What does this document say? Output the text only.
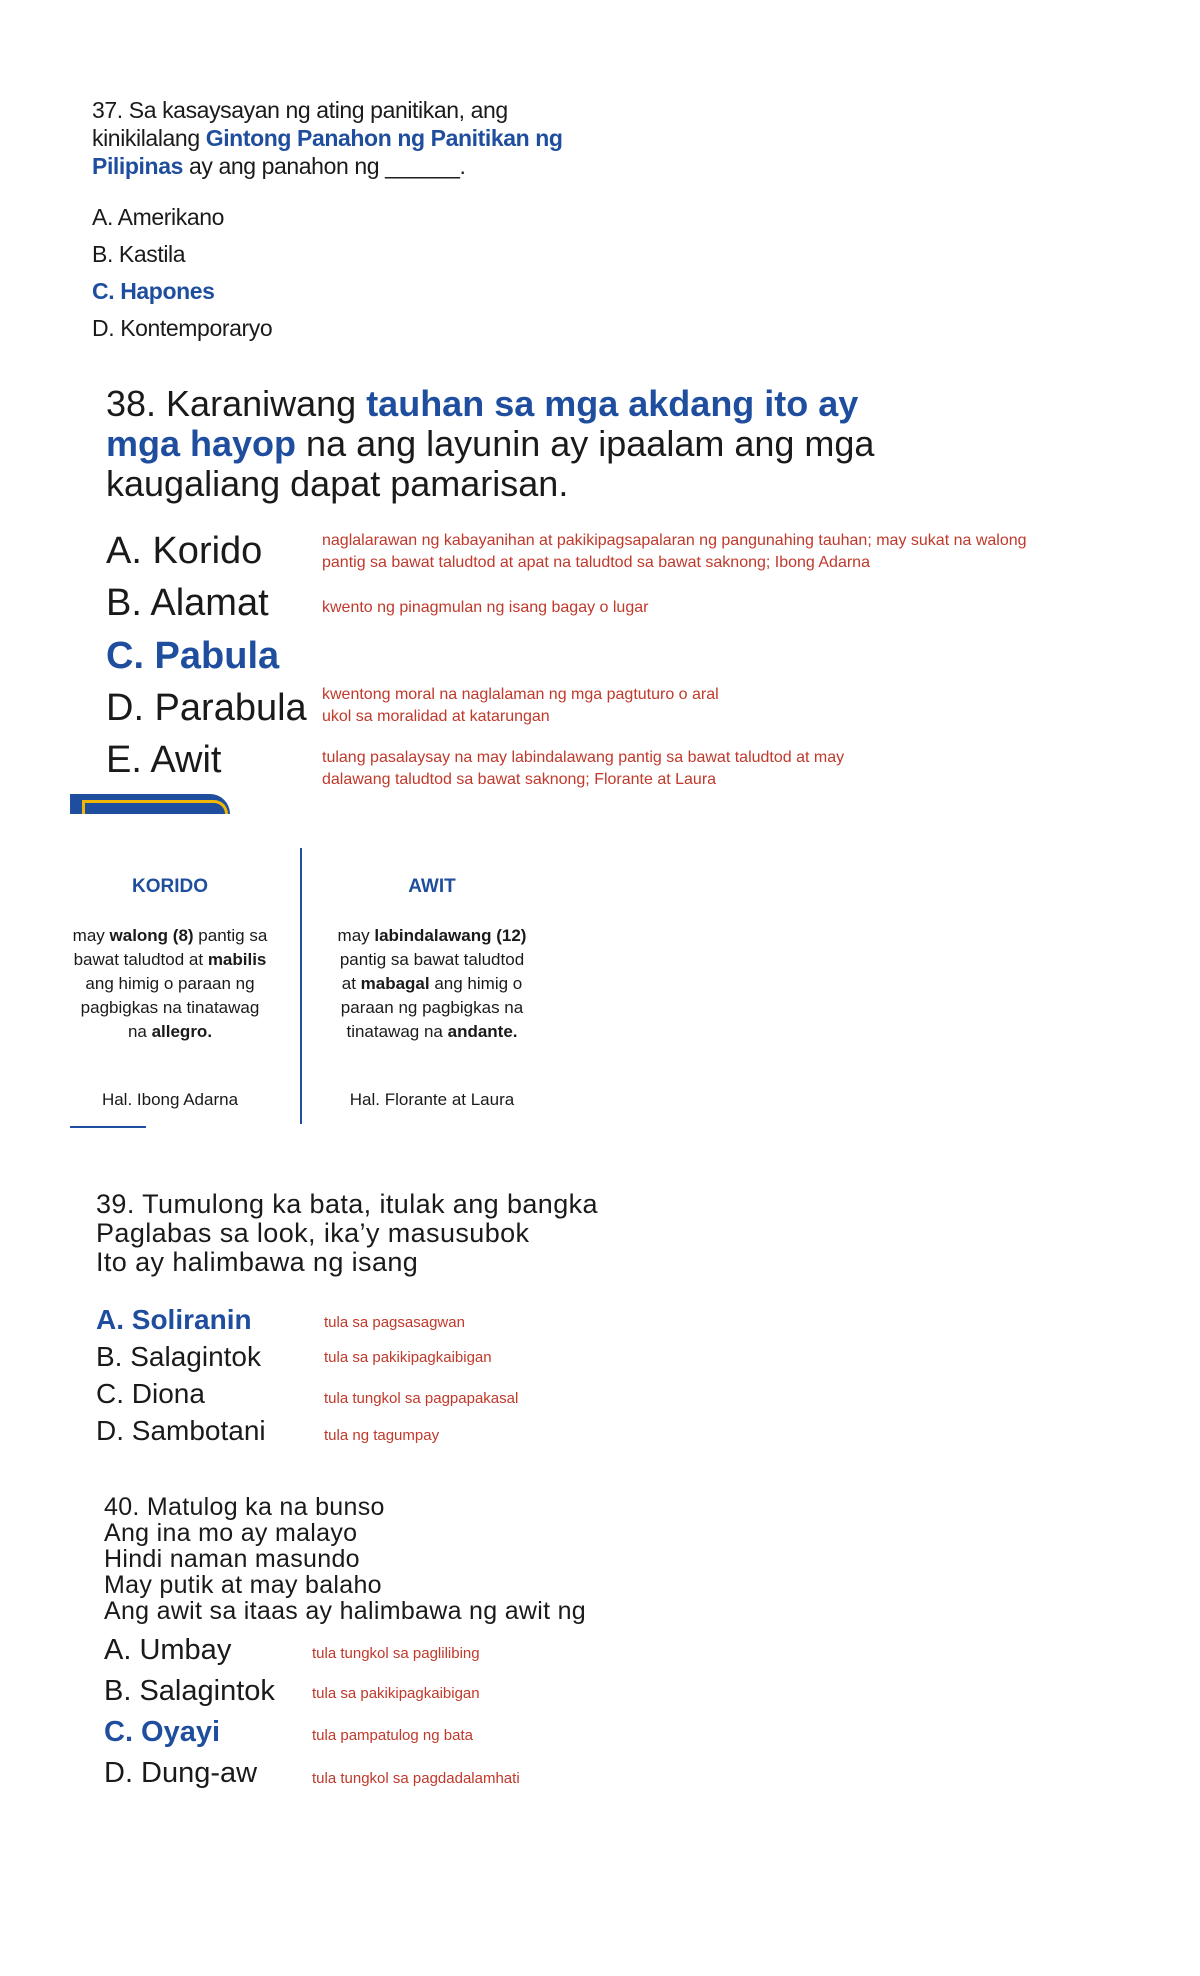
37. Sa kasaysayan ng ating panitikan, ang kinikilalang Gintong Panahon ng Panitikan ng Pilipinas ay ang panahon ng ______.
A. Amerikano
B. Kastila
C. Hapones
D. Kontemporaryo
38. Karaniwang tauhan sa mga akdang ito ay mga hayop na ang layunin ay ipaalam ang mga kaugaliang dapat pamarisan.
A. Korido	naglalarawan ng kabayanihan at pakikipagsapalaran ng pangunahing tauhan; may sukat na walong pantig sa bawat taludtod at apat na taludtod sa bawat saknong; Ibong Adarna
B. Alamat	kwento ng pinagmulan ng isang bagay o lugar
C. Pabula
D. Parabula kwentong moral na naglalaman ng mga pagtuturo o aral ukol sa moralidad at katarungan
E. Awit	tulang pasalaysay na may labindalawang pantig sa bawat taludtod at may dalawang taludtod sa bawat saknong; Florante at Laura
KORIDO	AWIT
may walong (8) pantig sa bawat taludtod at mabilis ang himig o paraan ng pagbigkas na tinatawag na allegro.
may labindalawang (12) pantig sa bawat taludtod at mabagal ang himig o paraan ng pagbigkas na tinatawag na andante.
Hal. Ibong Adarna	Hal. Florante at Laura
39. Tumulong ka bata, itulak ang bangka
Paglabas sa look, ika’y masusubok
Ito ay halimbawa ng isang
A. Soliranin	tula sa pagsasagwan
B. Salagintok	tula sa pakikipagkaibigan
C. Diona	tula tungkol sa pagpapakasal
D. Sambotani	tula ng tagumpay
40. Matulog ka na bunso
Ang ina mo ay malayo
Hindi naman masundo
May putik at may balaho
Ang awit sa itaas ay halimbawa ng awit ng
A. Umbay	tula tungkol sa paglilibing
B. Salagintok tula sa pakikipagkaibigan
C. Oyayi	tula pampatulog ng bata
D. Dung-aw	tula tungkol sa pagdadalamhati
